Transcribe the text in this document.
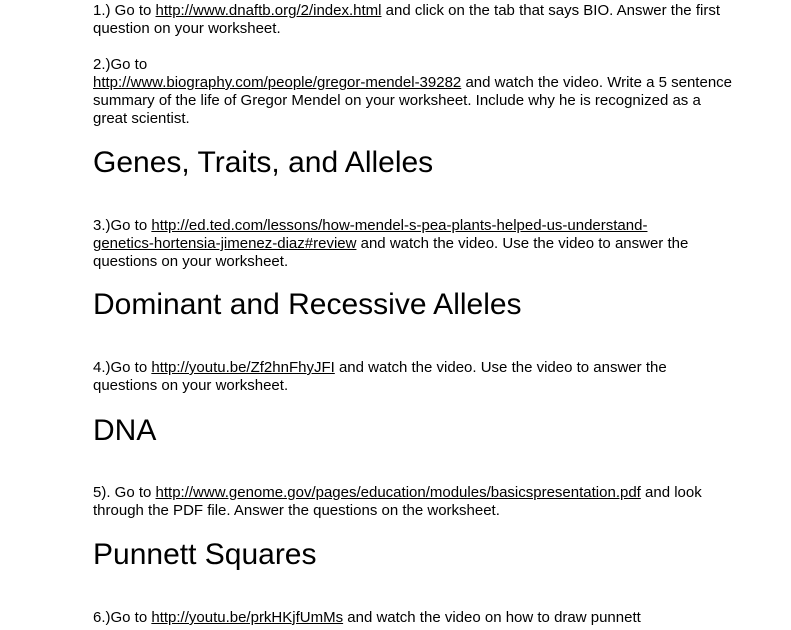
1.) Go to http://www.dnaftb.org/2/index.html and click on the tab that says BIO. Answer the first question on your worksheet.

2.)Go to
http://www.biography.com/people/gregor-mendel-39282 and watch the video. Write a 5 sentence summary of the life of Gregor Mendel on your worksheet. Include why he is recognized as a great scientist.

Genes, Traits, and Alleles

3.)Go to http://ed.ted.com/lessons/how-mendel-s-pea-plants-helped-us-understand-
genetics-hortensia-jimenez-diaz#review and watch the video. Use the video to answer the questions on your worksheet.

Dominant and Recessive Alleles

4.)Go to http://youtu.be/Zf2hnFhyJFI and watch the video. Use the video to answer the questions on your worksheet.

DNA

5). Go to http://www.genome.gov/pages/education/modules/basicspresentation.pdf and look through the PDF file. Answer the questions on the worksheet.

Punnett Squares

6.)Go to http://youtu.be/prkHKjfUmMs and watch the video on how to draw punnett
